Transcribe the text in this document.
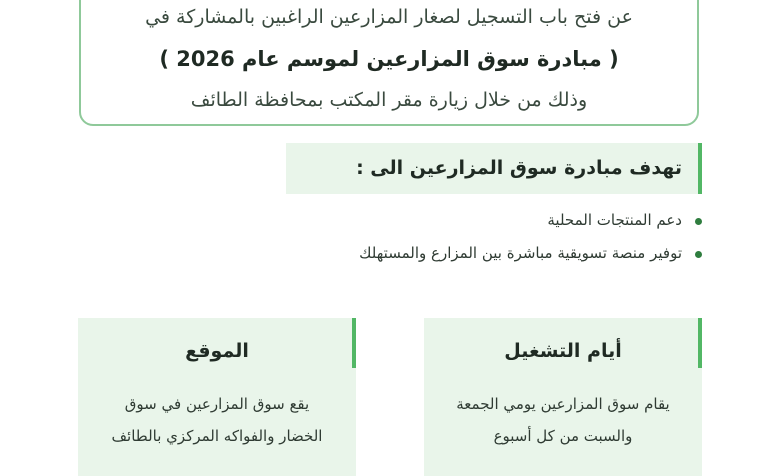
عن فتح باب التسجيل لصغار المزارعين الراغبين بالمشاركة في
( مبادرة سوق المزارعين لموسم عام 2026 )
وذلك من خلال زيارة مقر المكتب بمحافظة الطائف
تهدف مبادرة سوق المزارعين الى :
دعم المنتجات المحلية
توفير منصة تسويقية مباشرة بين المزارع والمستهلك
أيام التشغيل
يقام سوق المزارعين يومي الجمعة
والسبت من كل أسبوع
الموقع
يقع سوق المزارعين في سوق
الخضار والفواكه المركزي بالطائف
